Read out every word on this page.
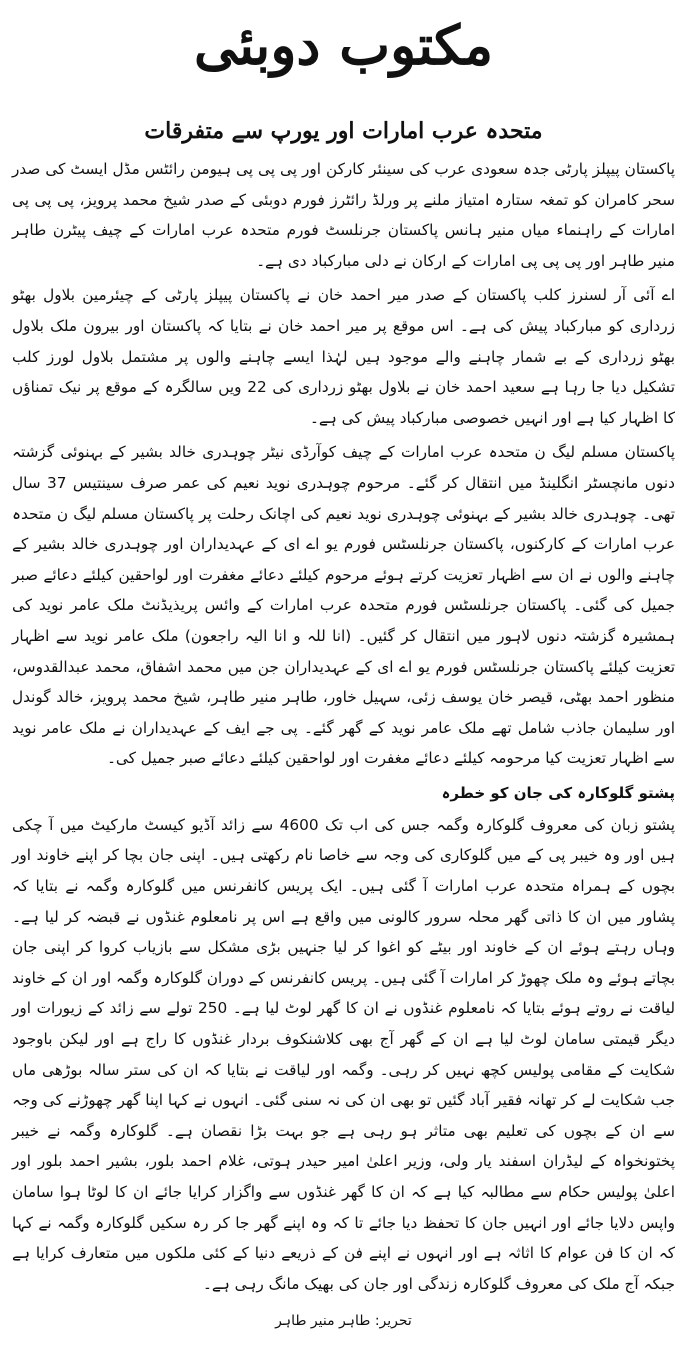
مکتوب دوبئی
متحدہ عرب امارات اور یورپ سے متفرقات

پاکستان پیپلز پارٹی جدہ سعودی عرب کی سینئر کارکن اور پی پی پی ہیومن رائٹس مڈل ایسٹ کی صدر سحر کامران کو تمغہ ستارہ امتیاز ملنے پر ورلڈ رائٹرز فورم دوبئی کے صدر شیخ محمد پرویز، پی پی پی امارات کے راہنماء میاں منیر ہانس پاکستان جرنلسٹ فورم متحدہ عرب امارات کے چیف پیٹرن طاہر منیر طاہر اور پی پی پی امارات کے ارکان نے دلی مبارکباد دی ہے۔

اے آئی آر لسنرز کلب پاکستان کے صدر میر احمد خان نے پاکستان پیپلز پارٹی کے چیئرمین بلاول بھٹو زرداری کو مبارکباد پیش کی ہے۔ اس موقع پر میر احمد خان نے بتایا کہ پاکستان اور بیرون ملک بلاول بھٹو زرداری کے بے شمار چاہنے والے موجود ہیں لہٰذا ایسے چاہنے والوں پر مشتمل بلاول لورز کلب تشکیل دیا جا رہا ہے سعید احمد خان نے بلاول بھٹو زرداری کی 22 ویں سالگرہ کے موقع پر نیک تمناؤں کا اظہار کیا ہے اور انہیں خصوصی مبارکباد پیش کی ہے۔

پاکستان مسلم لیگ ن متحدہ عرب امارات کے چیف کوآرڈی نیٹر چوہدری خالد بشیر کے بہنوئی گزشتہ دنوں مانچسٹر انگلینڈ میں انتقال کر گئے۔ مرحوم چوہدری نوید نعیم کی عمر صرف سینتیس 37 سال تھی۔ چوہدری خالد بشیر کے بہنوئی چوہدری نوید نعیم کی اچانک رحلت پر پاکستان مسلم لیگ ن متحدہ عرب امارات کے کارکنوں، پاکستان جرنلسٹس فورم یو اے ای کے عہدیداران اور چوہدری خالد بشیر کے چاہنے والوں نے ان سے اظہار تعزیت کرتے ہوئے مرحوم کیلئے دعائے مغفرت اور لواحقین کیلئے دعائے صبر جمیل کی گئی۔ پاکستان جرنلسٹس فورم متحدہ عرب امارات کے وائس پریذیڈنٹ ملک عامر نوید کی ہمشیرہ گزشتہ دنوں لاہور میں انتقال کر گئیں۔ (انا للہ و انا الیہ راجعون) ملک عامر نوید سے اظہار تعزیت کیلئے پاکستان جرنلسٹس فورم یو اے ای کے عہدیداران جن میں محمد اشفاق، محمد عبدالقدوس، منظور احمد بھٹی، قیصر خان یوسف زئی، سہیل خاور، طاہر منیر طاہر، شیخ محمد پرویز، خالد گوندل اور سلیمان جاذب شامل تھے ملک عامر نوید کے گھر گئے۔ پی جے ایف کے عہدیداران نے ملک عامر نوید سے اظہار تعزیت کیا مرحومہ کیلئے دعائے مغفرت اور لواحقین کیلئے دعائے صبر جمیل کی۔

پشتو گلوکارہ کی جان کو خطرہ

پشتو زبان کی معروف گلوکارہ وگمہ جس کی اب تک 4600 سے زائد آڈیو کیسٹ مارکیٹ میں آ چکی ہیں اور وہ خیبر پی کے میں گلوکاری کی وجہ سے خاصا نام رکھتی ہیں۔ اپنی جان بچا کر اپنے خاوند اور بچوں کے ہمراہ متحدہ عرب امارات آ گئی ہیں۔ ایک پریس کانفرنس میں گلوکارہ وگمہ نے بتایا کہ پشاور میں ان کا ذاتی گھر محلہ سرور کالونی میں واقع ہے اس پر نامعلوم غنڈوں نے قبضہ کر لیا ہے۔ وہاں رہتے ہوئے ان کے خاوند اور بیٹے کو اغوا کر لیا جنہیں بڑی مشکل سے بازیاب کروا کر اپنی جان بچاتے ہوئے وہ ملک چھوڑ کر امارات آ گئی ہیں۔ پریس کانفرنس کے دوران گلوکارہ وگمہ اور ان کے خاوند لیاقت نے روتے ہوئے بتایا کہ نامعلوم غنڈوں نے ان کا گھر لوٹ لیا ہے۔ 250 تولے سے زائد کے زیورات اور دیگر قیمتی سامان لوٹ لیا ہے ان کے گھر آج بھی کلاشنکوف بردار غنڈوں کا راج ہے اور لیکن باوجود شکایت کے مقامی پولیس کچھ نہیں کر رہی۔ وگمہ اور لیاقت نے بتایا کہ ان کی ستر سالہ بوڑھی ماں جب شکایت لے کر تھانہ فقیر آباد گئیں تو بھی ان کی نہ سنی گئی۔ انہوں نے کہا اپنا گھر چھوڑنے کی وجہ سے ان کے بچوں کی تعلیم بھی متاثر ہو رہی ہے جو بہت بڑا نقصان ہے۔ گلوکارہ وگمہ نے خیبر پختونخواہ کے لیڈران اسفند یار ولی، وزیر اعلیٰ امیر حیدر ہوتی، غلام احمد بلور، بشیر احمد بلور اور اعلیٰ پولیس حکام سے مطالبہ کیا ہے کہ ان کا گھر غنڈوں سے واگزار کرایا جائے ان کا لوٹا ہوا سامان واپس دلایا جائے اور انہیں جان کا تحفظ دیا جائے تا کہ وہ اپنے گھر جا کر رہ سکیں گلوکارہ وگمہ نے کہا کہ ان کا فن عوام کا اثاثہ ہے اور انہوں نے اپنے فن کے ذریعے دنیا کے کئی ملکوں میں متعارف کرایا ہے جبکہ آج ملک کی معروف گلوکارہ زندگی اور جان کی بھیک مانگ رہی ہے۔

تحریر: طاہر منیر طاہر
